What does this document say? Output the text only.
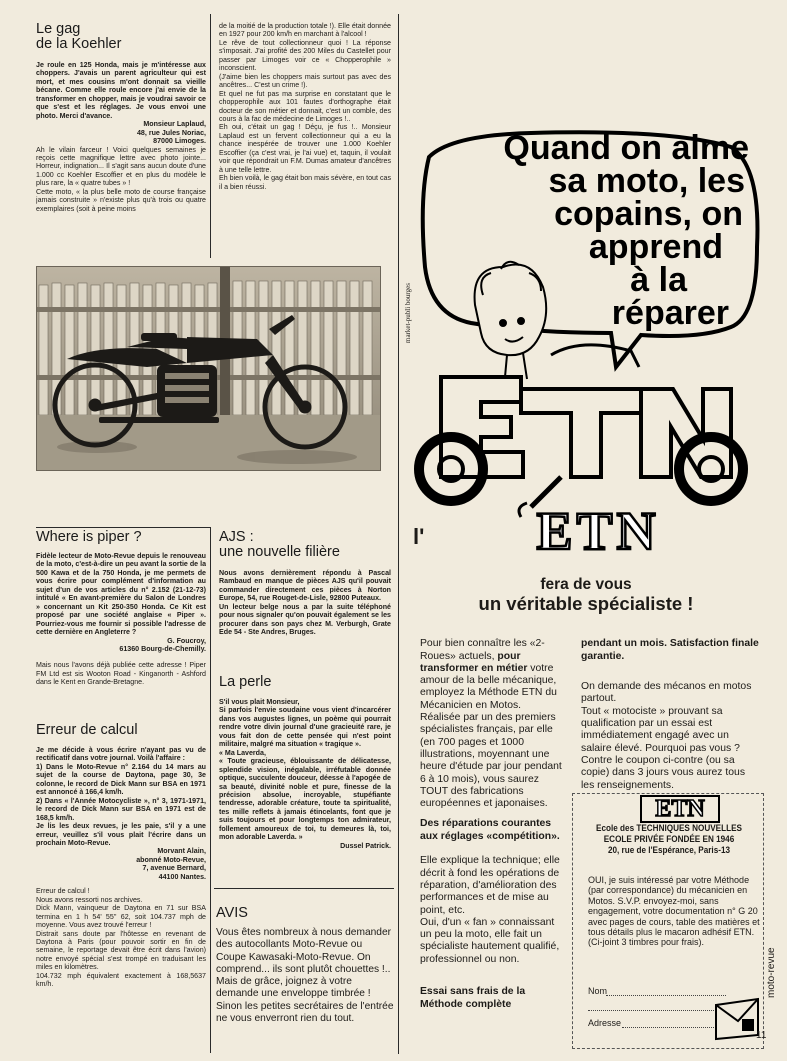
Le gag
de la Koehler
Je roule en 125 Honda, mais je m'intéresse aux choppers. J'avais un parent agriculteur qui est mort, et mes cousins m'ont donnait sa vieille bécane. Comme elle roule encore j'ai envie de la transformer en chopper, mais je voudrai savoir ce que s'est et les réglages. Je vous envoi une photo. Merci d'avance.
Monsieur Laplaud,
48, rue Jules Noriac,
87000 Limoges.
Ah le vilain farceur ! Voici quelques semaines je reçois cette magnifique lettre avec photo jointe... Horreur, indignation... Il s'agit sans aucun doute d'une 1.000 cc Koehler Escoffier et en plus du modèle le plus rare, la « quatre tubes » !
Cette moto, « la plus belle moto de course française jamais construite » n'existe plus qu'à trois ou quatre exemplaires (soit à peine moins
de la moitié de la production totale !). Elle était donnée en 1927 pour 200 km/h en marchant à l'alcool !
Le rêve de tout collectionneur quoi ! La réponse s'imposait. J'ai profité des 200 Miles du Castellet pour passer par Limoges voir ce « Chopperophile » inconscient.
(J'aime bien les choppers mais surtout pas avec des ancêtres... C'est un crime !).
Et quel ne fut pas ma surprise en constatant que le chopperophile aux 101 fautes d'orthographe était docteur de son métier et donnait, c'est un comble, des cours à la fac de médecine de Limoges !..
Eh oui, c'était un gag ! Déçu, je fus !.. Monsieur Laplaud est un fervent collectionneur qui a eu la chance inespérée de trouver une 1.000 Koehler Escoffier (ça c'est vrai, je l'ai vue) et, taquin, il voulait voir que répondrait un F.M. Dumas amateur d'ancêtres à une telle lettre.
Eh bien voilà, le gag était bon mais sévère, en tout cas il a bien réussi.
Where is piper ?
Fidèle lecteur de Moto-Revue depuis le renouveau de la moto, c'est-à-dire un peu avant la sortie de la 500 Kawa et de la 750 Honda, je me permets de vous écrire pour complément d'information au sujet d'un de vos articles du n° 2.152 (21-12-73) intitulé « En avant-première du Salon de Londres » concernant un Kit 250-350 Honda. Ce Kit est proposé par une société anglaise « Piper ». Pourriez-vous me fournir si possible l'adresse de cette dernière en Angleterre ?
G. Foucroy,
61360 Bourg-de-Chemilly.
Mais nous l'avons déjà publiée cette adresse ! Piper FM Ltd est sis Wooton Road - Kinganorth - Ashford dans le Kent en Grande-Bretagne.
Erreur de calcul
Je me décide à vous écrire n'ayant pas vu de rectificatif dans votre journal. Voilà l'affaire :
1) Dans le Moto-Revue n° 2.164 du 14 mars au sujet de la course de Daytona, page 30, 3e colonne, le record de Dick Mann sur BSA en 1971 est annoncé à 166,4 km/h.
2) Dans « l'Année Motocycliste », n° 3, 1971-1971, le record de Dick Mann sur BSA en 1971 est de 168,5 km/h.
Je lis les deux revues, je les paie, s'il y a une erreur, veuillez s'il vous plait l'écrire dans un prochain Moto-Revue.
Morvant Alain,
abonné Moto-Revue,
7, avenue Bernard,
44100 Nantes.
Erreur de calcul !
Nous avons ressorti nos archives.
Dick Mann, vainqueur de Daytona en 71 sur BSA termina en 1 h 54' 55'' 62, soit 104.737 mph de moyenne. Vous avez trouvé l'erreur !
Distrait sans doute par l'hôtesse en revenant de Daytona à Paris (pour pouvoir sortir en fin de semaine, le reportage devait être écrit dans l'avion) notre envoyé spécial s'est trompé en traduisant les miles en kilomètres.
104.732 mph équivalent exactement à 168,5637 km/h.
AJS :
une nouvelle filière
Nous avons dernièrement répondu à Pascal Rambaud en manque de pièces AJS qu'il pouvait commander directement ces pièces à Norton Europe, 54, rue Rouget-de-Lisle, 92800 Puteaux.
Un lecteur belge nous a par la suite téléphoné pour nous signaler qu'on pouvait également se les procurer dans son pays chez M. Verburgh, Grate Ede 54 - Ste Andres, Bruges.
La perle
S'il vous plait Monsieur,
Si parfois l'envie soudaine vous vient d'incarcérer dans vos augustes lignes, un poème qui pourrait rendre votre divin journal d'une gracieuité rare, je vous fait don de cette pensée qui n'est point militaire, malgré ma situation « tragique ».
« Ma Laverda,
« Toute gracieuse, éblouissante de délicatesse, splendide vision, inégalable, irréfutable donnée optique, succulente douceur, déesse à l'apogée de sa beauté, divinité noble et pure, finesse de la précision absolue, incroyable, stupéfiante tendresse, adorable créature, toute ta spiritualité, tes mille reflets à jamais étincelants, font que je suis toujours et pour longtemps ton admirateur, follement amoureux de toi, tu demeures là, toi, mon adorable Laverda. »
Dussel Patrick.
AVIS
Vous êtes nombreux à nous demander des autocollants Moto-Revue ou Coupe Kawasaki-Moto-Revue. On comprend... ils sont plutôt chouettes !.. Mais de grâce, joignez à votre demande une enveloppe timbrée ! Sinon les petites secrétaires de l'entrée ne vous enverront rien du tout.
Quand on aime
sa moto, les
copains, on
apprend
à la
réparer
market-publi bourges
l'	ETN
fera de vous
un véritable spécialiste !

Pour bien connaître les «2-Roues» actuels, pour transformer en métier votre amour de la belle mécanique, employez la Méthode ETN du Mécanicien en Motos.
Réalisée par un des premiers spécialistes français, par elle (en 700 pages et 1000 illustrations, moyennant une heure d'étude par jour pendant 6 à 10 mois), vous saurez TOUT des fabrications européennes et japonaises.

Des réparations courantes aux réglages «compétition».

Elle explique la technique; elle décrit à fond les opérations de réparation, d'amélioration des performances et de mise au point, etc.
Oui, d'un « fan » connaissant un peu la moto, elle fait un spécialiste hautement qualifié, professionnel ou non.

Essai sans frais de la Méthode complète

pendant un mois. Satisfaction finale garantie.

On demande des mécanos en motos partout.
Tout « motociste » prouvant sa qualification par un essai est immédiatement engagé avec un salaire élevé. Pourquoi pas vous ?
Contre le coupon ci-contre (ou sa copie) dans 3 jours vous aurez tous les renseignements.

ETN
Ecole des TECHNIQUES NOUVELLES
ECOLE PRIVÉE FONDÉE EN 1946
20, rue de l'Espérance, Paris-13
OUI, je suis intéressé par votre Méthode (par correspondance) du mécanicien en Motos. S.V.P. envoyez-moi, sans engagement, votre documentation n° G 20 avec pages de cours, table des matières et tous détails plus le macaron adhésif ETN. (Ci-joint 3 timbres pour frais).
Nom
Adresse
moto-revue
11
